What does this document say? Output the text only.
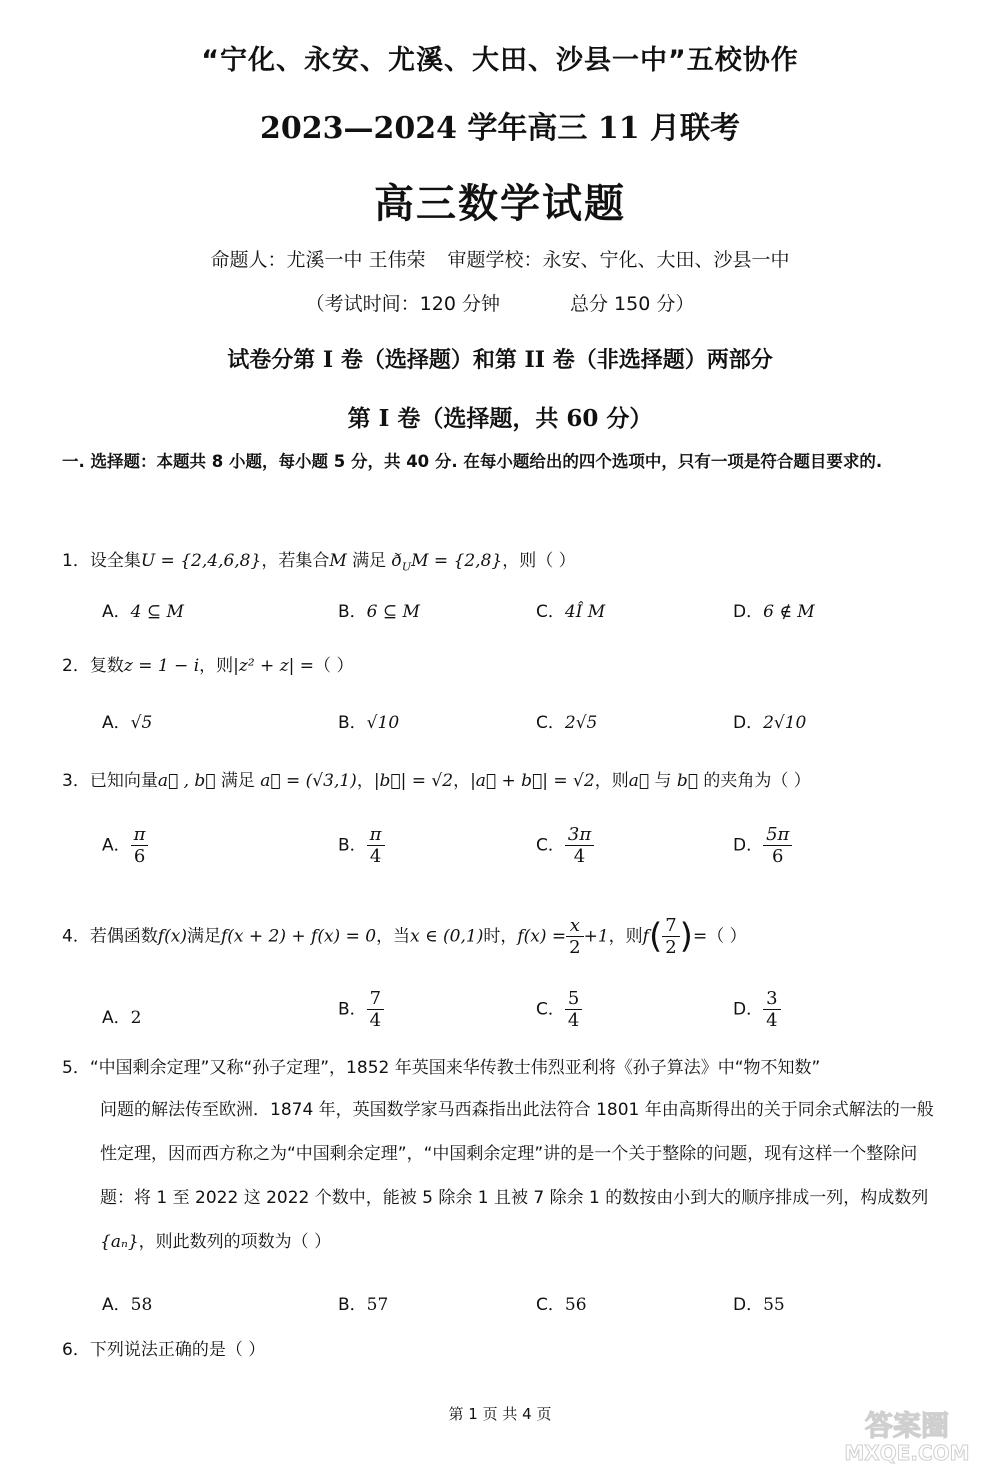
“宁化、永安、尤溪、大田、沙县一中”五校协作
2023—2024 学年高三 11 月联考
高三数学试题
命题人：尤溪一中 王伟荣 审题学校：永安、宁化、大田、沙县一中
（考试时间：120 分钟	总分 150 分）
试卷分第 I 卷（选择题）和第 II 卷（非选择题）两部分
第 I 卷（选择题，共 60 分）
一. 选择题：本题共 8 小题，每小题 5 分，共 40 分. 在每小题给出的四个选项中，只有一项是符合题目要求的.
1．设全集U = {2,4,6,8}，若集合M 满足 $ð_UM = \{2,8\}$，则（ ）
A．4 ⊆ M	B．6 ⊆ M	C．4Î M	D．6 ∉ M
2．复数z = 1 − i，则|z² + z| =（ ）
A．√5	B．√10	C．2√5	D．2√10
3．已知向量a⃗ , b⃗ 满足 a⃗ = (√3,1)，|b⃗| = √2，|a⃗ + b⃗| = √2，则a⃗ 与 b⃗ 的夹角为（ ）
A． $\frac{\pi}{6}$	B． $\frac{\pi}{4}$	C． $\frac{3\pi}{4}$	D． $\frac{5\pi}{6}$
4．若偶函数f(x)满足f(x + 2) + f(x) = 0，当x ∈ (0,1)时，$f(x) = \frac{x}{2} +1$，则$f( \frac{7}{2}$ )=（ ）
A．2	B． $\frac{7}{4}$	C． $\frac{5}{4}$	D． $\frac{3}{4}$
5．“中国剩余定理”又称“孙子定理”，1852 年英国来华传教士伟烈亚利将《孙子算法》中“物不知数”
问题的解法传至欧洲．1874 年，英国数学家马西森指出此法符合 1801 年由高斯得出的关于同余式解法的一般性定理，因而西方称之为“中国剩余定理”，“中国剩余定理”讲的是一个关于整除的问题，现有这样一个整除问题：将 1 至 2022 这 2022 个数中，能被 5 除余 1 且被 7 除余 1 的数按由小到大的顺序排成一列，构成数列{aₙ}，则此数列的项数为（ ）
A．58	B．57	C．56	D．55
6．下列说法正确的是（ ）
第 1 页 共 4 页	答案圈
MXQE.COM
